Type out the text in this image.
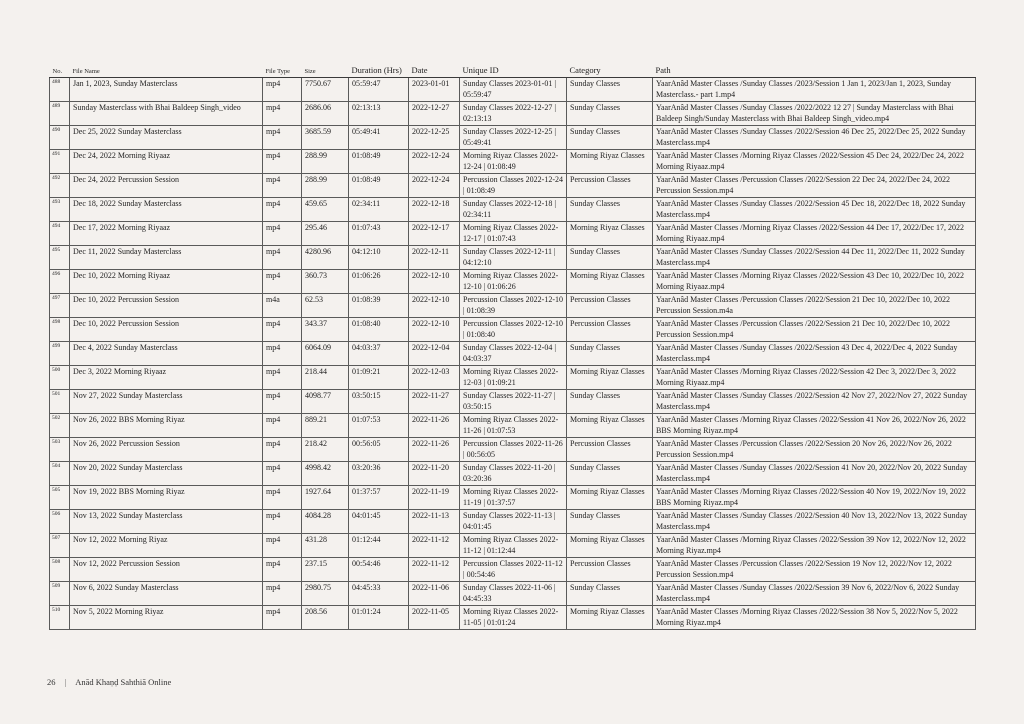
No.	File Name	File Type	Size	Duration (Hrs)	Date	Unique ID	Category	Path
488	Jan 1, 2023, Sunday Masterclass	mp4	7750.67	05:59:47	2023-01-01	Sunday Classes 2023-01-01 | 05:59:47	Sunday Classes	YaarAnâd Master Classes /Sunday Classes /2023/Session 1 Jan 1, 2023/Jan 1, 2023, Sunday Masterclass.- part 1.mp4
489	Sunday Masterclass with Bhai Baldeep Singh_video	mp4	2686.06	02:13:13	2022-12-27	Sunday Classes 2022-12-27 | 02:13:13	Sunday Classes	YaarAnâd Master Classes /Sunday Classes /2022/2022 12 27 | Sunday Masterclass with Bhai Baldeep Singh/Sunday Masterclass with Bhai Baldeep Singh_video.mp4
490	Dec 25, 2022 Sunday Masterclass	mp4	3685.59	05:49:41	2022-12-25	Sunday Classes 2022-12-25 | 05:49:41	Sunday Classes	YaarAnâd Master Classes /Sunday Classes /2022/Session 46 Dec 25, 2022/Dec 25, 2022 Sunday Masterclass.mp4
491	Dec 24, 2022 Morning Riyaaz	mp4	288.99	01:08:49	2022-12-24	Morning Riyaz Classes 2022-12-24 | 01:08:49	Morning Riyaz Classes	YaarAnâd Master Classes /Morning Riyaz Classes /2022/Session 45 Dec 24, 2022/Dec 24, 2022 Morning Riyaaz.mp4
492	Dec 24, 2022 Percussion Session	mp4	288.99	01:08:49	2022-12-24	Percussion Classes 2022-12-24 | 01:08:49	Percussion Classes	YaarAnâd Master Classes /Percussion Classes /2022/Session 22 Dec 24, 2022/Dec 24, 2022 Percussion Session.mp4
493	Dec 18, 2022 Sunday Masterclass	mp4	459.65	02:34:11	2022-12-18	Sunday Classes 2022-12-18 | 02:34:11	Sunday Classes	YaarAnâd Master Classes /Sunday Classes /2022/Session 45 Dec 18, 2022/Dec 18, 2022 Sunday Masterclass.mp4
494	Dec 17, 2022 Morning Riyaaz	mp4	295.46	01:07:43	2022-12-17	Morning Riyaz Classes 2022-12-17 | 01:07:43	Morning Riyaz Classes	YaarAnâd Master Classes /Morning Riyaz Classes /2022/Session 44 Dec 17, 2022/Dec 17, 2022 Morning Riyaaz.mp4
495	Dec 11, 2022 Sunday Masterclass	mp4	4280.96	04:12:10	2022-12-11	Sunday Classes 2022-12-11 | 04:12:10	Sunday Classes	YaarAnâd Master Classes /Sunday Classes /2022/Session 44 Dec 11, 2022/Dec 11, 2022 Sunday Masterclass.mp4
496	Dec 10, 2022 Morning Riyaaz	mp4	360.73	01:06:26	2022-12-10	Morning Riyaz Classes 2022-12-10 | 01:06:26	Morning Riyaz Classes	YaarAnâd Master Classes /Morning Riyaz Classes /2022/Session 43 Dec 10, 2022/Dec 10, 2022 Morning Riyaaz.mp4
497	Dec 10, 2022 Percussion Session	m4a	62.53	01:08:39	2022-12-10	Percussion Classes 2022-12-10 | 01:08:39	Percussion Classes	YaarAnâd Master Classes /Percussion Classes /2022/Session 21 Dec 10, 2022/Dec 10, 2022 Percussion Session.m4a
498	Dec 10, 2022 Percussion Session	mp4	343.37	01:08:40	2022-12-10	Percussion Classes 2022-12-10 | 01:08:40	Percussion Classes	YaarAnâd Master Classes /Percussion Classes /2022/Session 21 Dec 10, 2022/Dec 10, 2022 Percussion Session.mp4
499	Dec 4, 2022 Sunday Masterclass	mp4	6064.09	04:03:37	2022-12-04	Sunday Classes 2022-12-04 | 04:03:37	Sunday Classes	YaarAnâd Master Classes /Sunday Classes /2022/Session 43 Dec 4, 2022/Dec 4, 2022 Sunday Masterclass.mp4
500	Dec 3, 2022 Morning Riyaaz	mp4	218.44	01:09:21	2022-12-03	Morning Riyaz Classes 2022-12-03 | 01:09:21	Morning Riyaz Classes	YaarAnâd Master Classes /Morning Riyaz Classes /2022/Session 42 Dec 3, 2022/Dec 3, 2022 Morning Riyaaz.mp4
501	Nov 27, 2022 Sunday Masterclass	mp4	4098.77	03:50:15	2022-11-27	Sunday Classes 2022-11-27 | 03:50:15	Sunday Classes	YaarAnâd Master Classes /Sunday Classes /2022/Session 42 Nov 27, 2022/Nov 27, 2022 Sunday Masterclass.mp4
502	Nov 26, 2022 BBS Morning Riyaz	mp4	889.21	01:07:53	2022-11-26	Morning Riyaz Classes 2022-11-26 | 01:07:53	Morning Riyaz Classes	YaarAnâd Master Classes /Morning Riyaz Classes /2022/Session 41 Nov 26, 2022/Nov 26, 2022 BBS Morning Riyaz.mp4
503	Nov 26, 2022 Percussion Session	mp4	218.42	00:56:05	2022-11-26	Percussion Classes 2022-11-26 | 00:56:05	Percussion Classes	YaarAnâd Master Classes /Percussion Classes /2022/Session 20 Nov 26, 2022/Nov 26, 2022 Percussion Session.mp4
504	Nov 20, 2022 Sunday Masterclass	mp4	4998.42	03:20:36	2022-11-20	Sunday Classes 2022-11-20 | 03:20:36	Sunday Classes	YaarAnâd Master Classes /Sunday Classes /2022/Session 41 Nov 20, 2022/Nov 20, 2022 Sunday Masterclass.mp4
505	Nov 19, 2022 BBS Morning Riyaz	mp4	1927.64	01:37:57	2022-11-19	Morning Riyaz Classes 2022-11-19 | 01:37:57	Morning Riyaz Classes	YaarAnâd Master Classes /Morning Riyaz Classes /2022/Session 40 Nov 19, 2022/Nov 19, 2022 BBS Morning Riyaz.mp4
506	Nov 13, 2022 Sunday Masterclass	mp4	4084.28	04:01:45	2022-11-13	Sunday Classes 2022-11-13 | 04:01:45	Sunday Classes	YaarAnâd Master Classes /Sunday Classes /2022/Session 40 Nov 13, 2022/Nov 13, 2022 Sunday Masterclass.mp4
507	Nov 12, 2022 Morning Riyaz	mp4	431.28	01:12:44	2022-11-12	Morning Riyaz Classes 2022-11-12 | 01:12:44	Morning Riyaz Classes	YaarAnâd Master Classes /Morning Riyaz Classes /2022/Session 39 Nov 12, 2022/Nov 12, 2022 Morning Riyaz.mp4
508	Nov 12, 2022 Percussion Session	mp4	237.15	00:54:46	2022-11-12	Percussion Classes 2022-11-12 | 00:54:46	Percussion Classes	YaarAnâd Master Classes /Percussion Classes /2022/Session 19 Nov 12, 2022/Nov 12, 2022 Percussion Session.mp4
509	Nov 6, 2022 Sunday Masterclass	mp4	2980.75	04:45:33	2022-11-06	Sunday Classes 2022-11-06 | 04:45:33	Sunday Classes	YaarAnâd Master Classes /Sunday Classes /2022/Session 39 Nov 6, 2022/Nov 6, 2022 Sunday Masterclass.mp4
510	Nov 5, 2022 Morning Riyaz	mp4	208.56	01:01:24	2022-11-05	Morning Riyaz Classes 2022-11-05 | 01:01:24	Morning Riyaz Classes	YaarAnâd Master Classes /Morning Riyaz Classes /2022/Session 38 Nov 5, 2022/Nov 5, 2022 Morning Riyaz.mp4
26 | Anād Khaṇḍ Sahthiā Online
